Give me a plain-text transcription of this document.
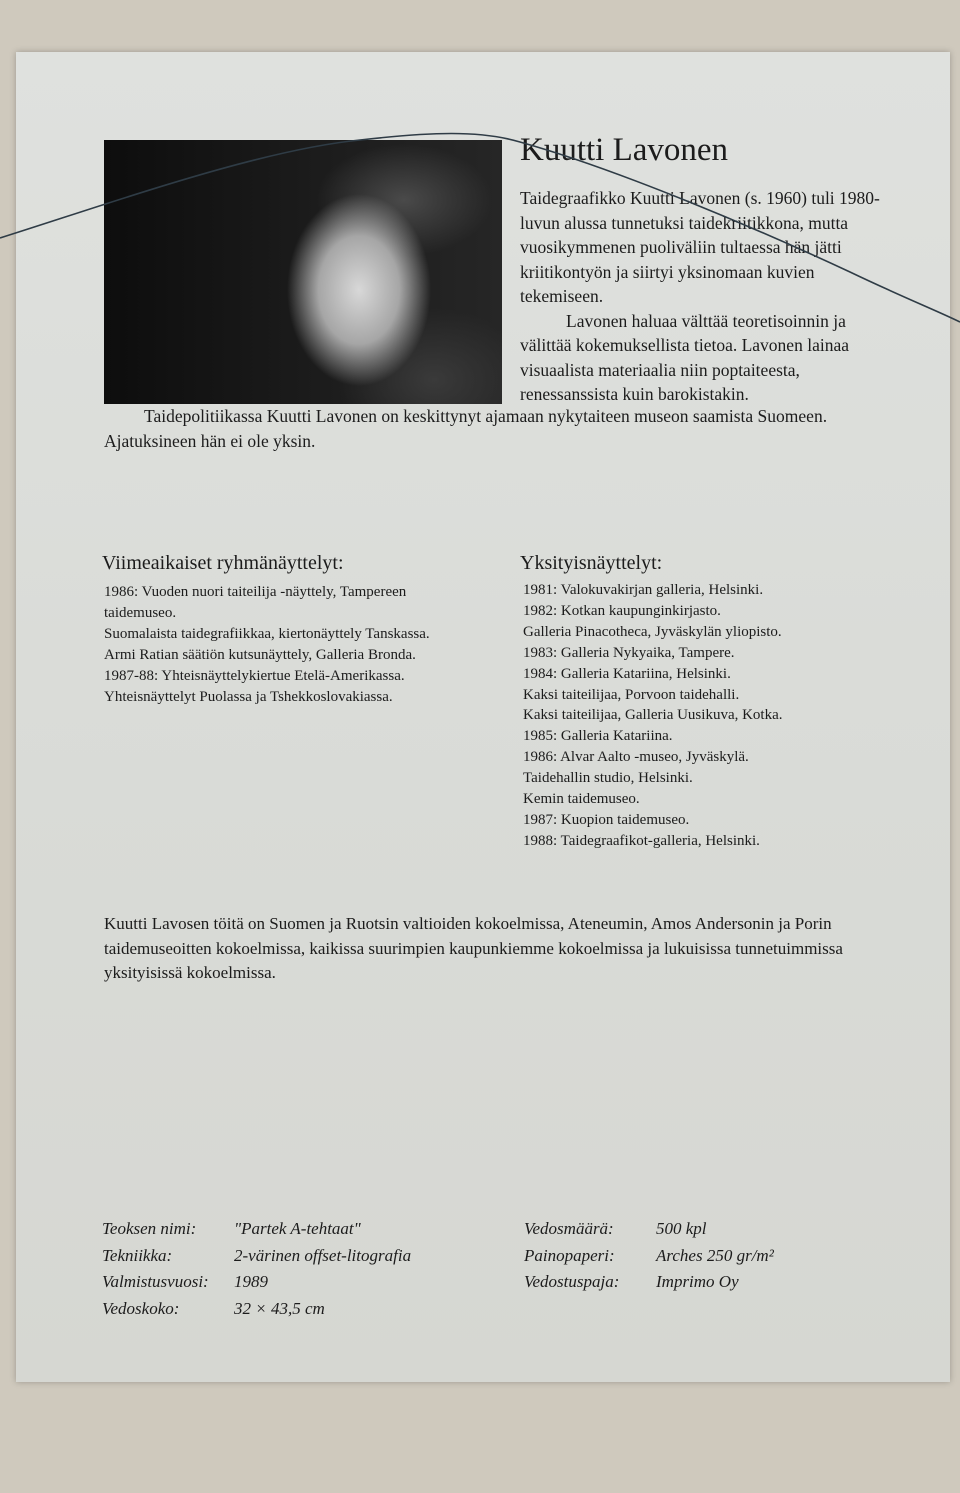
Kuutti Lavonen

Taidegraafikko Kuutti Lavonen (s. 1960) tuli 1980-luvun alussa tunnetuksi taidekriitikkona, mutta vuosikymmenen puoliväliin tultaessa hän jätti kriitikontyön ja siirtyi yksinomaan kuvien tekemiseen.

Lavonen haluaa välttää teoretisoinnin ja välittää kokemuksellista tietoa. Lavonen lainaa visuaalista materiaalia niin poptaiteesta, renessanssista kuin barokistakin.

Taidepolitiikassa Kuutti Lavonen on keskittynyt ajamaan nykytaiteen museon saamista Suomeen. Ajatuksineen hän ei ole yksin.

Viimeaikaiset ryhmänäyttelyt:
1986: Vuoden nuori taiteilija -näyttely, Tampereen taidemuseo.
Suomalaista taidegrafiikkaa, kiertonäyttely Tanskassa.
Armi Ratian säätiön kutsunäyttely, Galleria Bronda.
1987-88: Yhteisnäyttelykiertue Etelä-Amerikassa.
Yhteisnäyttelyt Puolassa ja Tshekkoslovakiassa.
Yksityisnäyttelyt:
1981: Valokuvakirjan galleria, Helsinki.
1982: Kotkan kaupunginkirjasto.
Galleria Pinacotheca, Jyväskylän yliopisto.
1983: Galleria Nykyaika, Tampere.
1984: Galleria Katariina, Helsinki.
Kaksi taiteilijaa, Porvoon taidehalli.
Kaksi taiteilijaa, Galleria Uusikuva, Kotka.
1985: Galleria Katariina.
1986: Alvar Aalto -museo, Jyväskylä.
Taidehallin studio, Helsinki.
Kemin taidemuseo.
1987: Kuopion taidemuseo.
1988: Taidegraafikot-galleria, Helsinki.

Kuutti Lavosen töitä on Suomen ja Ruotsin valtioiden kokoelmissa, Ateneumin, Amos Andersonin ja Porin taidemuseoitten kokoelmissa, kaikissa suurimpien kaupunkiemme kokoelmissa ja lukuisissa tunnetuimmissa yksityisissä kokoelmissa.

Teoksen nimi:	"Partek A-tehtaat"
Tekniikka:	2-värinen offset-litografia
Valmistusvuosi:	1989
Vedoskoko:	32 × 43,5 cm
Vedosmäärä:	500 kpl
Painopaperi:	Arches 250 gr/m²
Vedostuspaja:	Imprimo Oy
